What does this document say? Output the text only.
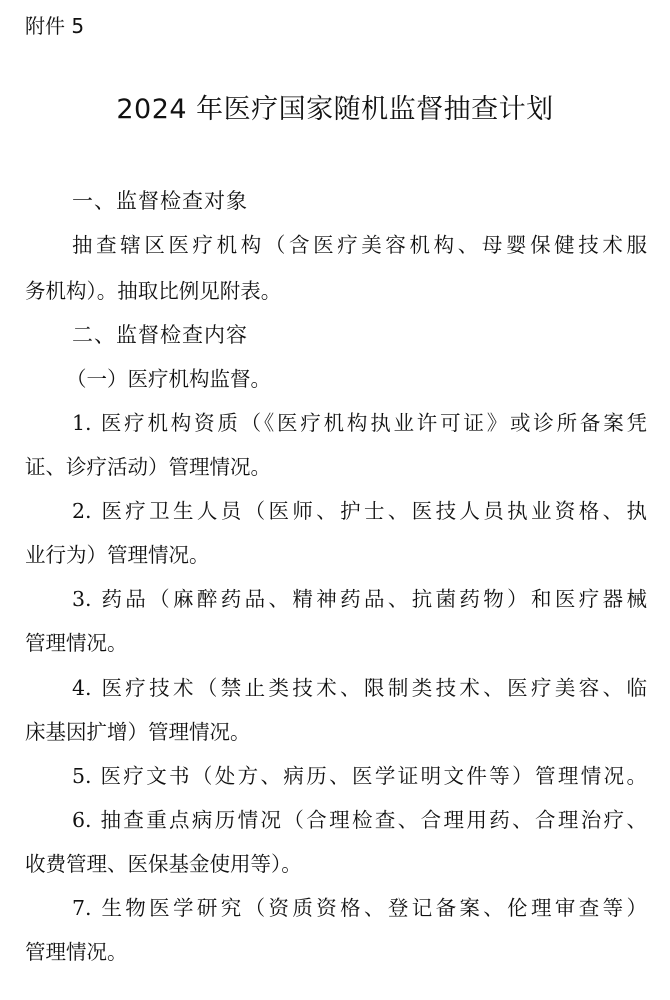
附件 5
2024 年医疗国家随机监督抽查计划
一、监督检查对象
抽查辖区医疗机构（含医疗美容机构、母婴保健技术服
务机构）。抽取比例见附表。
二、监督检查内容
（一）医疗机构监督。
1. 医疗机构资质（《医疗机构执业许可证》或诊所备案凭
证、诊疗活动）管理情况。
2. 医疗卫生人员（医师、护士、医技人员执业资格、执
业行为）管理情况。
3. 药品（麻醉药品、精神药品、抗菌药物）和医疗器械
管理情况。
4. 医疗技术（禁止类技术、限制类技术、医疗美容、临
床基因扩增）管理情况。
5. 医疗文书（处方、病历、医学证明文件等）管理情况。
6. 抽查重点病历情况（合理检查、合理用药、合理治疗、
收费管理、医保基金使用等）。
7. 生物医学研究（资质资格、登记备案、伦理审查等）
管理情况。
